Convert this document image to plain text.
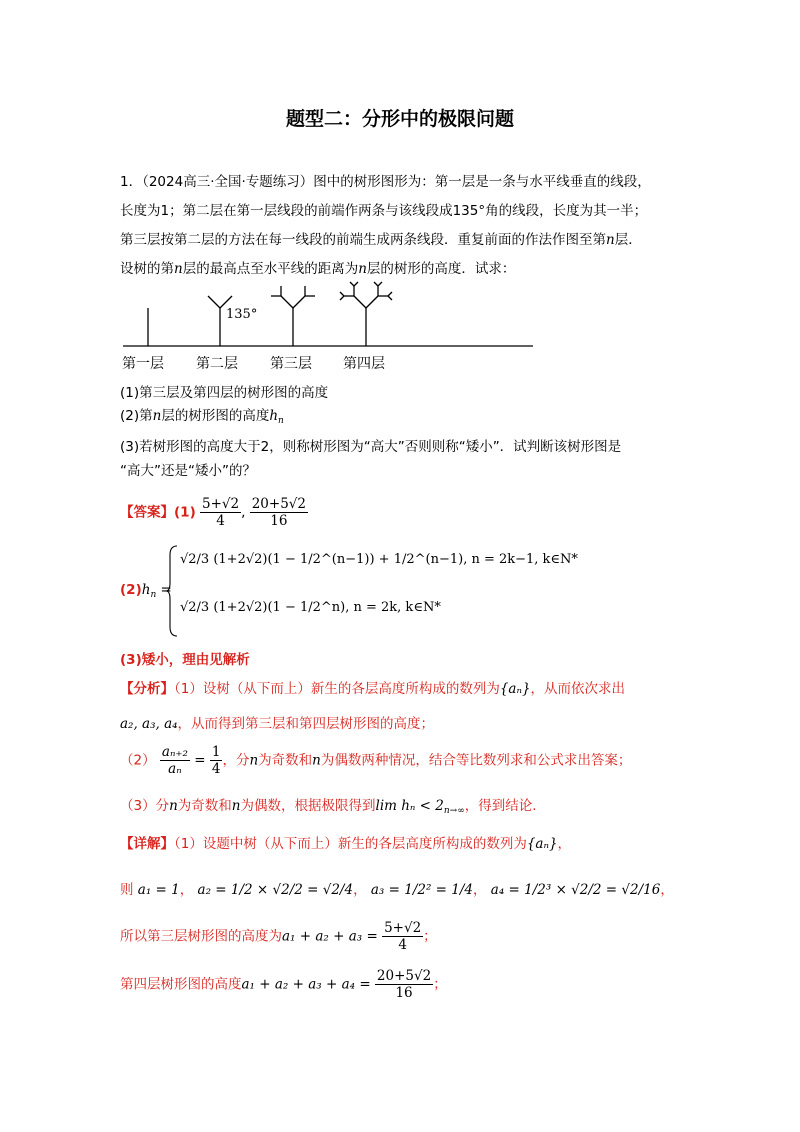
题型二：分形中的极限问题

1．（2024高三·全国·专题练习）图中的树形图形为：第一层是一条与水平线垂直的线段，

长度为1；第二层在第一层线段的前端作两条与该线段成135°角的线段，长度为其一半；

第三层按第二层的方法在每一线段的前端生成两条线段．重复前面的作法作图至第n层．

设树的第n层的最高点至水平线的距离为n层的树形的高度．试求：

135°
第一层 第二层 第三层 第四层
(1)第三层及第四层的树形图的高度
(2)第n层的树形图的高度$h_n$
(3)若树形图的高度大于2，则称树形图为“高大”否则则称“矮小”．试判断该树形图是
“高大”还是“矮小”的？
【答案】$(1) \frac{5+√2}{4}$ , $\frac{20+5√2}{16}$
$(2)h_n$ =
√2/3 (1+2√2)(1 − 1/2^(n−1)) + 1/2^(n−1), n = 2k−1, k∈N*
√2/3 (1+2√2)(1 − 1/2^n), n = 2k, k∈N*
(3)矮小，理由见解析
【分析】（1）设树（从下而上）新生的各层高度所构成的数列为{aₙ}，从而依次求出
a₂, a₃, a₄，从而得到第三层和第四层树形图的高度；
$(2) \frac{\text{aₙ₊₂}}{\text{aₙ}} = \frac{1}{4}$ ，分n为奇数和n为偶数两种情况，结合等比数列求和公式求出答案；
（3）分n为奇数和n为偶数，根据极限得到$\lim h_n < 2_{n\to\infty}$，得到结论.
【详解】（1）设题中树（从下而上）新生的各层高度所构成的数列为{aₙ}，
则 a₁ = 1， a₂ = 1/2 × √2/2 = √2/4， a₃ = 1/2² = 1/4， a₄ = 1/2³ × √2/2 = √2/16，
所以第三层树形图的高度为$a_1 + a_2 + a_3 = \frac{5+√2}{4}$ ；
第四层树形图的高度$a_1 + a_2 + a_3 + a_4 = \frac{20+5√2}{16}$ ；
